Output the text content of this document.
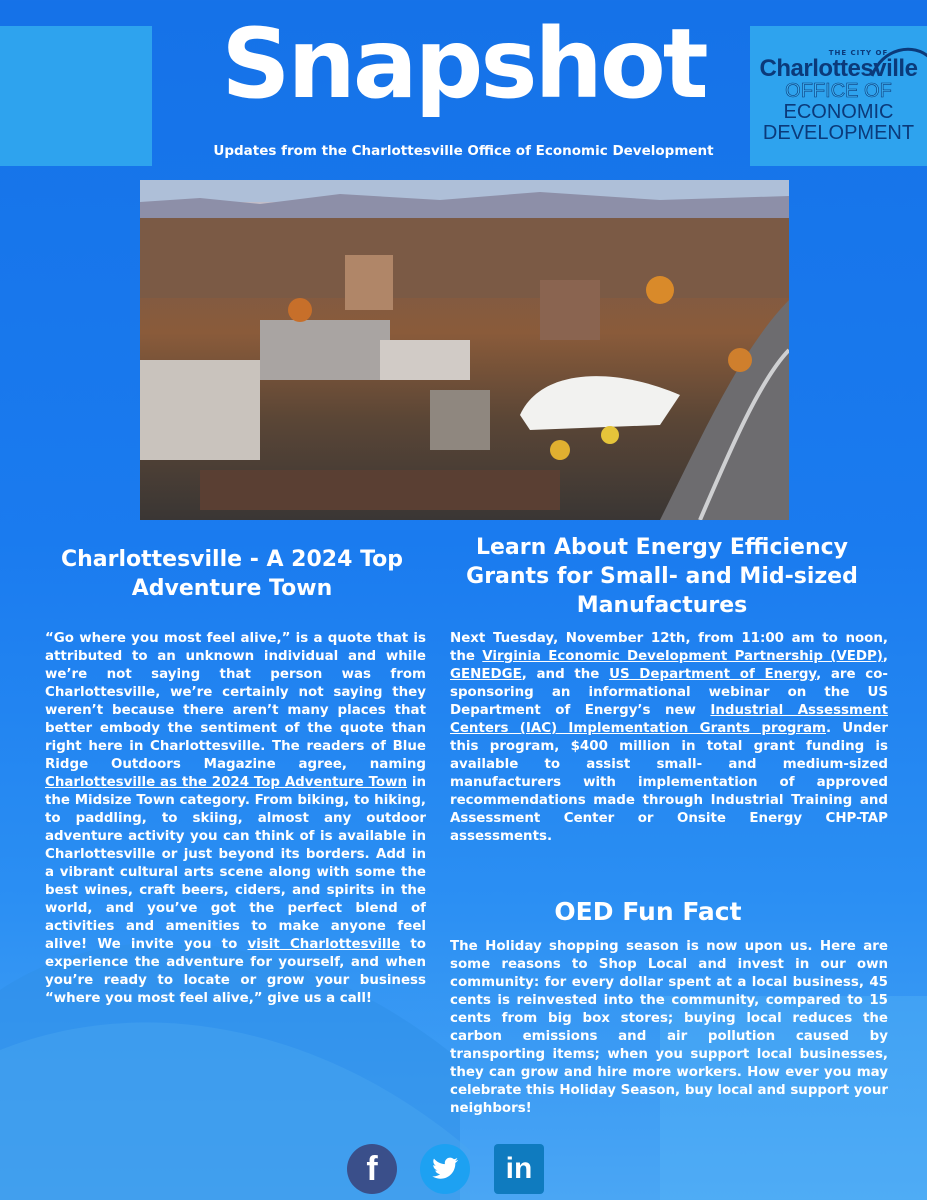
THE CITY OF
Charlottesville
OFFICE OF
ECONOMIC
DEVELOPMENT
Snapshot
Updates from the Charlottesville Office of Economic Development
Charlottesville - A 2024 Top Adventure Town
“Go where you most feel alive,” is a quote that is attributed to an unknown individual and while we’re not saying that person was from Charlottesville, we’re certainly not saying they weren’t because there aren’t many places that better embody the sentiment of the quote than right here in Charlottesville. The readers of Blue Ridge Outdoors Magazine agree, naming Charlottesville as the 2024 Top Adventure Town in the Midsize Town category. From biking, to hiking, to paddling, to skiing, almost any outdoor adventure activity you can think of is available in Charlottesville or just beyond its borders. Add in a vibrant cultural arts scene along with some the best wines, craft beers, ciders, and spirits in the world, and you’ve got the perfect blend of activities and amenities to make anyone feel alive! We invite you to visit Charlottesville to experience the adventure for yourself, and when you’re ready to locate or grow your business “where you most feel alive,” give us a call!
Learn About Energy Efficiency Grants for Small- and Mid-sized Manufactures
Next Tuesday, November 12th, from 11:00 am to noon, the Virginia Economic Development Partnership (VEDP), GENEDGE, and the US Department of Energy, are co-sponsoring an informational webinar on the US Department of Energy’s new Industrial Assessment Centers (IAC) Implementation Grants program. Under this program, $400 million in total grant funding is available to assist small- and medium-sized manufacturers with implementation of approved recommendations made through Industrial Training and Assessment Center or Onsite Energy CHP-TAP assessments.
OED Fun Fact
The Holiday shopping season is now upon us. Here are some reasons to Shop Local and invest in our own community: for every dollar spent at a local business, 45 cents is reinvested into the community, compared to 15 cents from big box stores; buying local reduces the carbon emissions and air pollution caused by transporting items; when you support local businesses, they can grow and hire more workers. How ever you may celebrate this Holiday Season, buy local and support your neighbors!
f	in
